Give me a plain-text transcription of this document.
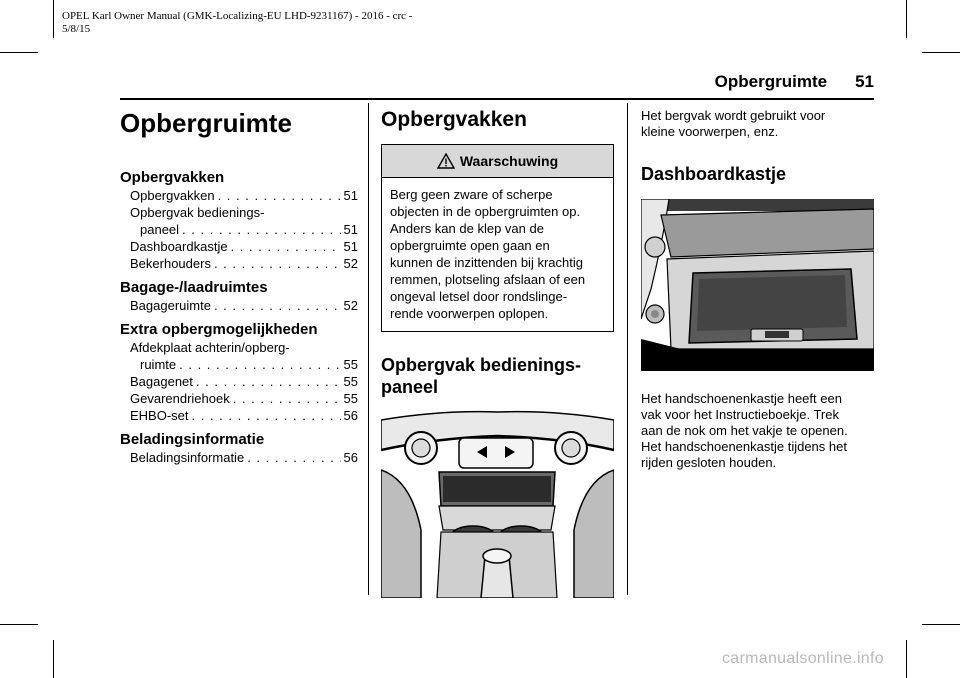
OPEL Karl Owner Manual (GMK-Localizing-EU LHD-9231167) - 2016 - crc -
5/8/15
Opbergruimte 51
Opbergruimte
Opbergvakken
Opbergvakken . . .	51
Opbergvak bedienings-
paneel . . .	51
Dashboardkastje . . .	51
Bekerhouders . . .	52
Bagage-/laadruimtes
Bagageruimte . . .	52
Extra opbergmogelijkheden
Afdekplaat achterin/opberg-
ruimte . . .	55
Bagagenet . . .	55
Gevarendriehoek . . .	55
EHBO-set . . .	56
Beladingsinformatie
Beladingsinformatie . . .	56
Opbergvakken
Waarschuwing
Berg geen zware of scherpe
objecten in de opbergruimten op.
Anders kan de klep van de
opbergruimte open gaan en
kunnen de inzittenden bij krachtig
remmen, plotseling afslaan of een
ongeval letsel door rondslinge-
rende voorwerpen oplopen.
Opbergvak bedienings-
paneel

Het bergvak wordt gebruikt voor
kleine voorwerpen, enz.

Dashboardkastje

Het handschoenenkastje heeft een
vak voor het Instructieboekje. Trek
aan de nok om het vakje te openen.
Het handschoenenkastje tijdens het
rijden gesloten houden.

carmanualsonline.info
